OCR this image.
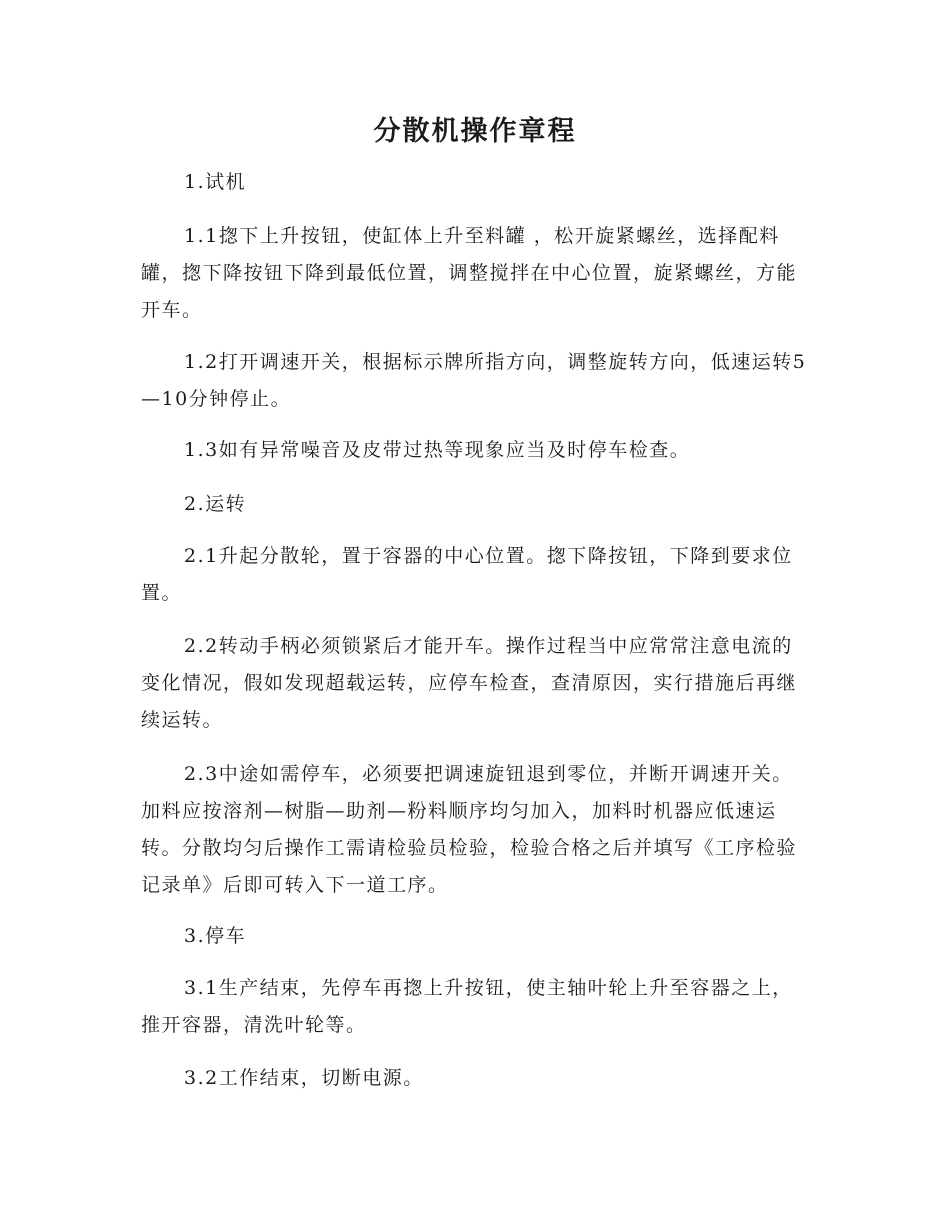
分散机操作章程

1.试机

1.1揔下上升按钮，使缸体上升至料罐 ，松开旋紧螺丝，选择配料罐，揔下降按钮下降到最低位置，调整搅拌在中心位置，旋紧螺丝，方能开车。

1.2打开调速开关，根据标示牌所指方向，调整旋转方向，低速运转5—10分钟停止。

1.3如有异常噪音及皮带过热等现象应当及时停车检查。

2.运转

2.1升起分散轮，置于容器的中心位置。揔下降按钮，下降到要求位置。

2.2转动手柄必须锁紧后才能开车。操作过程当中应常常注意电流的变化情况，假如发现超载运转，应停车检查，查清原因，实行措施后再继续运转。

2.3中途如需停车，必须要把调速旋钮退到零位，并断开调速开关。加料应按溶剂—树脂—助剂—粉料顺序均匀加入，加料时机器应低速运转。分散均匀后操作工需请检验员检验，检验合格之后并填写《工序检验记录单》后即可转入下一道工序。

3.停车

3.1生产结束，先停车再揔上升按钮，使主轴叶轮上升至容器之上，推开容器，清洗叶轮等。

3.2工作结束，切断电源。
